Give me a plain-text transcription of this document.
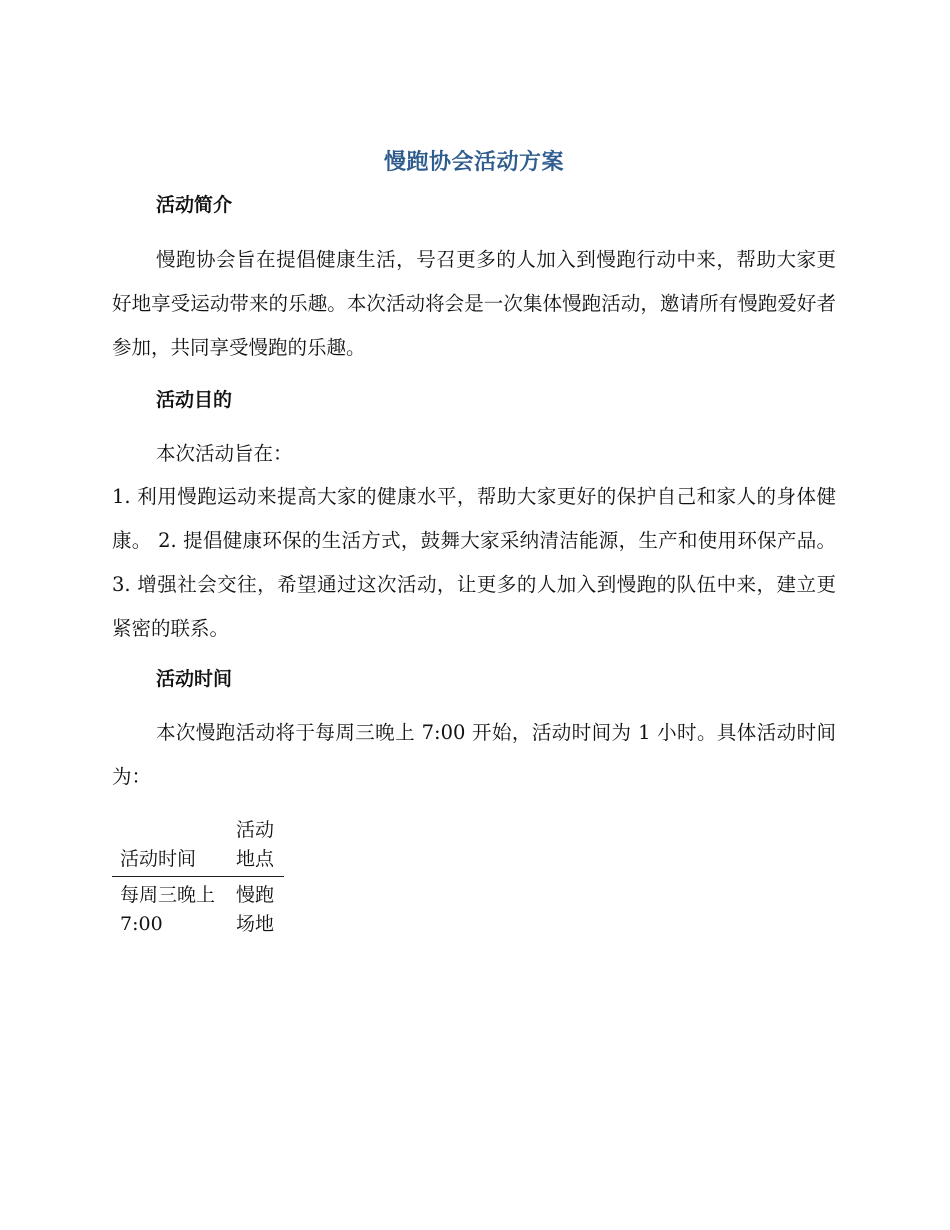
慢跑协会活动方案
活动简介
慢跑协会旨在提倡健康生活，号召更多的人加入到慢跑行动中来，帮助大家更好地享受运动带来的乐趣。本次活动将会是一次集体慢跑活动，邀请所有慢跑爱好者参加，共同享受慢跑的乐趣。
活动目的
本次活动旨在：
1. 利用慢跑运动来提高大家的健康水平，帮助大家更好的保护自己和家人的身体健康。 2. 提倡健康环保的生活方式，鼓舞大家采纳清洁能源，生产和使用环保产品。 3. 增强社会交往，希望通过这次活动，让更多的人加入到慢跑的队伍中来，建立更紧密的联系。
活动时间
本次慢跑活动将于每周三晚上 7:00 开始，活动时间为 1 小时。具体活动时间为：
活动时间	活动地点
每周三晚上 7:00	慢跑场地
